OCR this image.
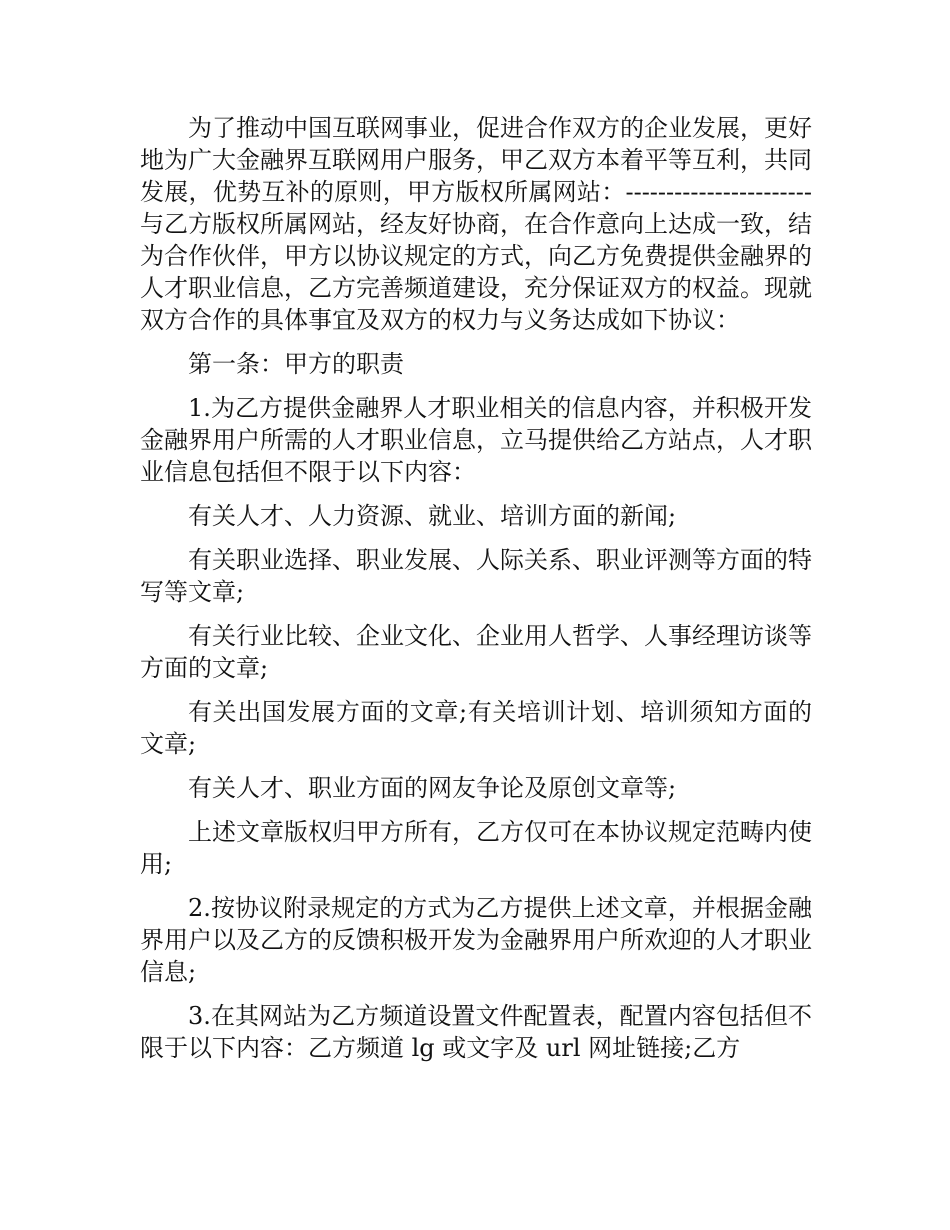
为了推动中国互联网事业，促进合作双方的企业发展，更好地为广大金融界互联网用户服务，甲乙双方本着平等互利，共同发展，优势互补的原则，甲方版权所属网站：-----------------------与乙方版权所属网站，经友好协商，在合作意向上达成一致，结为合作伙伴，甲方以协议规定的方式，向乙方免费提供金融界的人才职业信息，乙方完善频道建设，充分保证双方的权益。现就双方合作的具体事宜及双方的权力与义务达成如下协议：

第一条：甲方的职责

1.为乙方提供金融界人才职业相关的信息内容，并积极开发金融界用户所需的人才职业信息，立马提供给乙方站点，人才职业信息包括但不限于以下内容：

有关人才、人力资源、就业、培训方面的新闻;

有关职业选择、职业发展、人际关系、职业评测等方面的特写等文章;

有关行业比较、企业文化、企业用人哲学、人事经理访谈等方面的文章;

有关出国发展方面的文章;有关培训计划、培训须知方面的文章;

有关人才、职业方面的网友争论及原创文章等;

上述文章版权归甲方所有，乙方仅可在本协议规定范畴内使用;

2.按协议附录规定的方式为乙方提供上述文章，并根据金融界用户以及乙方的反馈积极开发为金融界用户所欢迎的人才职业信息;

3.在其网站为乙方频道设置文件配置表，配置内容包括但不限于以下内容：乙方频道 lg 或文字及 url 网址链接;乙方
